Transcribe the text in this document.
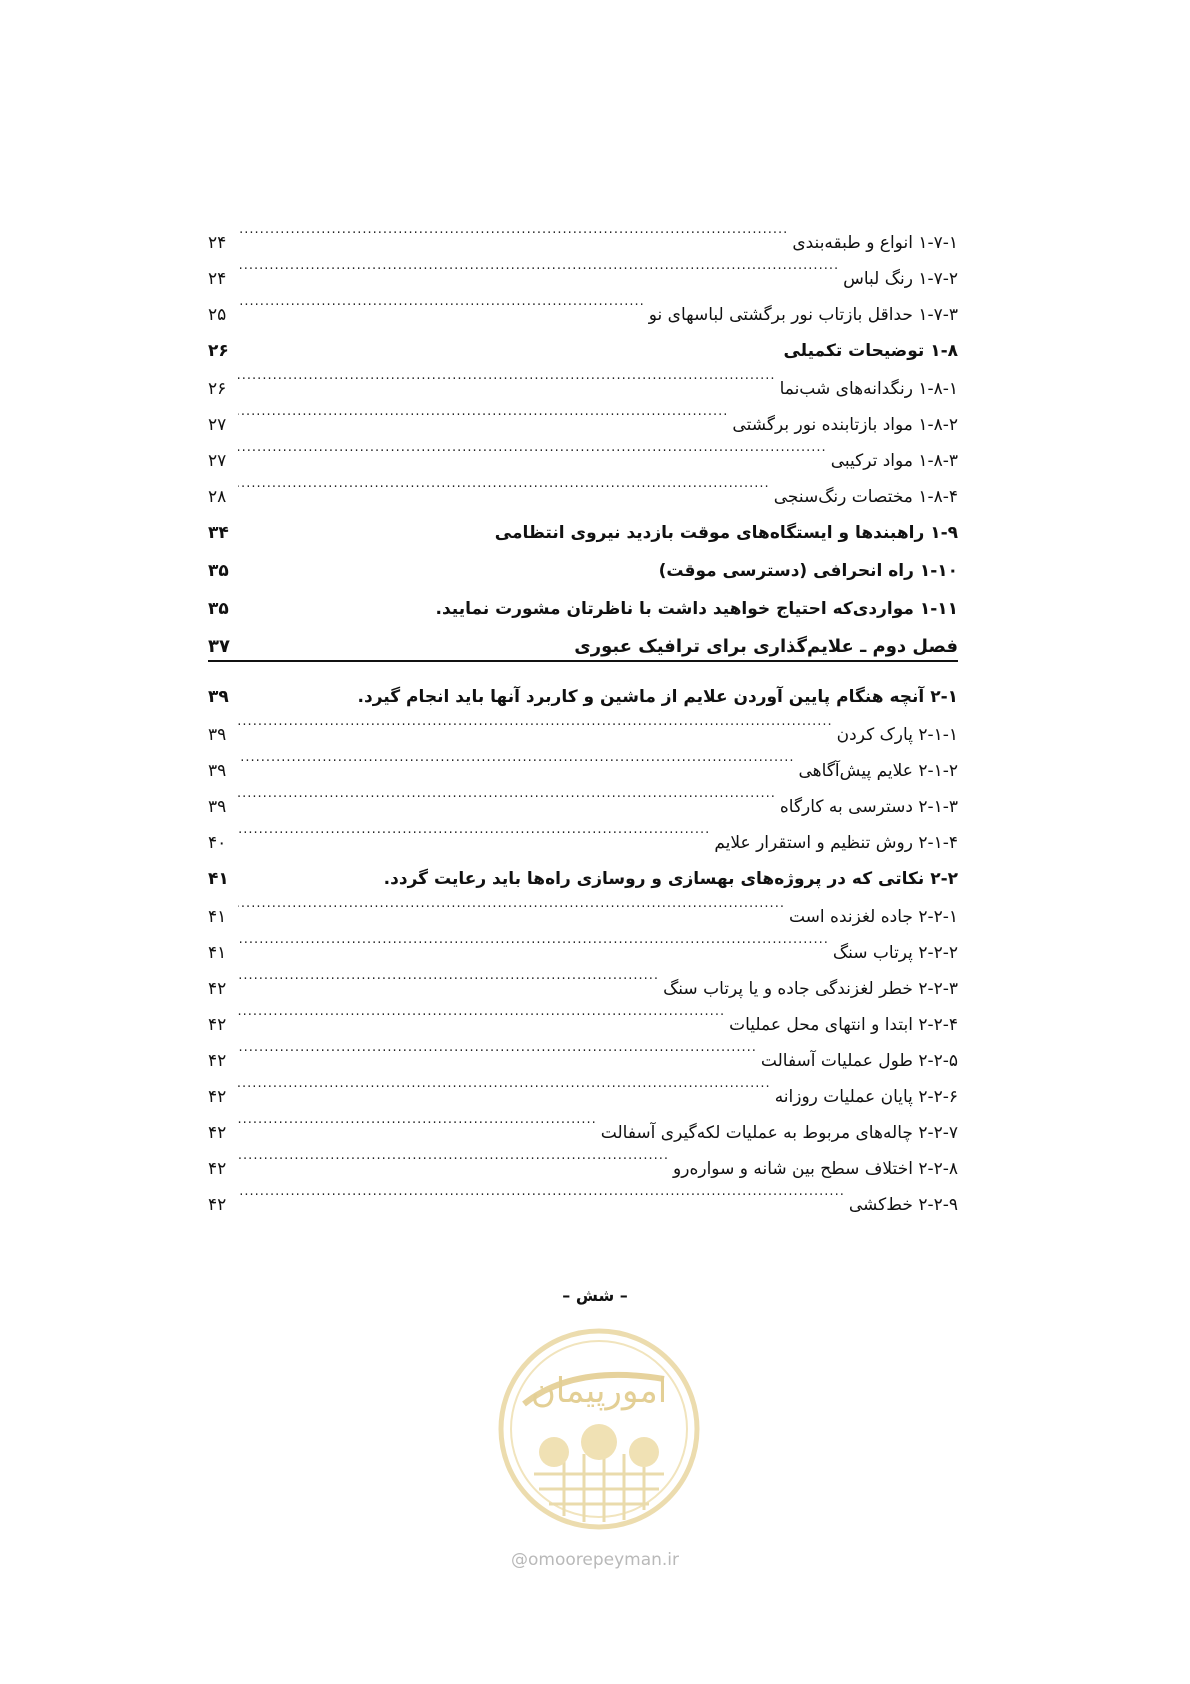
۱-۷-۱ انواع و طبقه‌بندی
.....
۲۴
۱-۷-۲ رنگ لباس
.....
۲۴
۱-۷-۳ حداقل بازتاب نور برگشتی لباسهای نو
.....
۲۵
۱-۸ توضیحات تکمیلی
۲۶
۱-۸-۱ رنگدانه‌های شب‌نما
.....
۲۶
۱-۸-۲ مواد بازتابنده نور برگشتی
.....
۲۷
۱-۸-۳ مواد ترکیبی
.....
۲۷
۱-۸-۴ مختصات رنگ‌سنجی
.....
۲۸
۱-۹ راهبندها و ایستگاه‌های موقت بازدید نیروی انتظامی
۳۴
۱-۱۰ راه انحرافی (دسترسی موقت)
۳۵
۱-۱۱ مواردی‌که احتیاج خواهید داشت با ناظرتان مشورت نمایید.
۳۵
فصل دوم ـ علایم‌گذاری برای ترافیک عبوری
۳۷
۲-۱ آنچه هنگام پایین آوردن علایم از ماشین و کاربرد آنها باید انجام گیرد.
۳۹
۲-۱-۱ پارک کردن
.....
۳۹
۲-۱-۲ علایم پیش‌آگاهی
.....
۳۹
۲-۱-۳ دسترسی به کارگاه
.....
۳۹
۲-۱-۴ روش تنظیم و استقرار علایم
.....
۴۰
۲-۲ نکاتی که در پروژه‌های بهسازی و روسازی راه‌ها باید رعایت گردد.
۴۱
۲-۲-۱ جاده لغزنده است
.....
۴۱
۲-۲-۲ پرتاب سنگ
.....
۴۱
۲-۲-۳ خطر لغزندگی جاده و یا پرتاب سنگ
.....
۴۲
۲-۲-۴ ابتدا و انتهای محل عملیات
.....
۴۲
۲-۲-۵ طول عملیات آسفالت
.....
۴۲
۲-۲-۶ پایان عملیات روزانه
.....
۴۲
۲-۲-۷ چاله‌های مربوط به عملیات لکه‌گیری آسفالت
.....
۴۲
۲-۲-۸ اختلاف سطح بین شانه و سواره‌رو
.....
۴۲
۲-۲-۹ خط‌کشی
.....
۴۲
– شش –
امورپیمان
@omoorepeyman.ir
